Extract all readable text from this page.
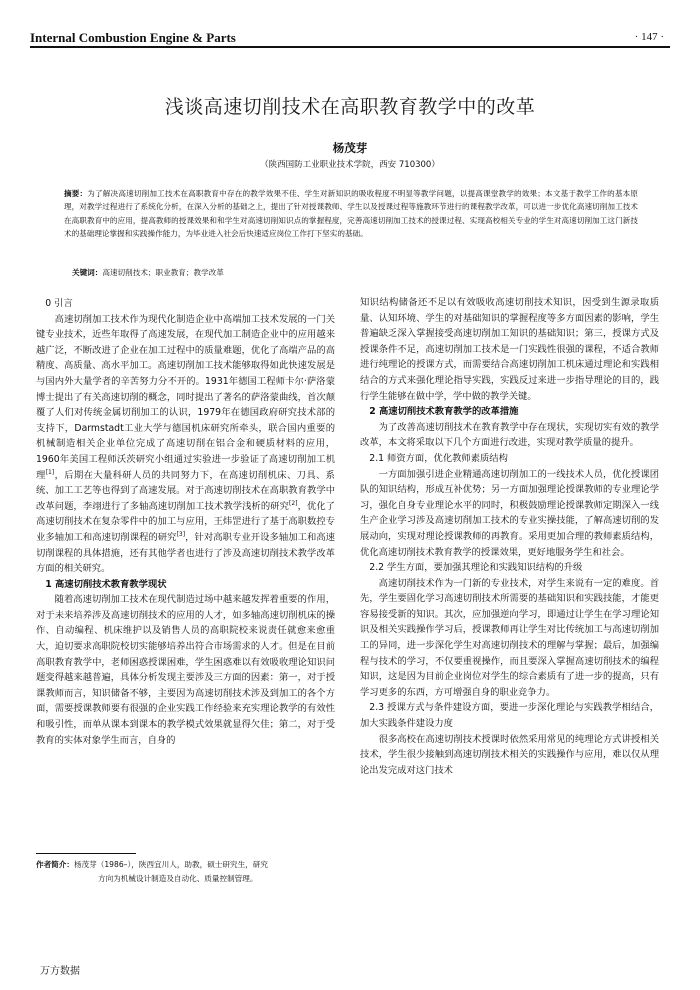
Internal Combustion Engine & Parts	· 147 ·
浅谈高速切削技术在高职教育教学中的改革
杨茂芽
（陕西国防工业职业技术学院，西安 710300）
摘要：为了解决高速切削加工技术在高职教育中存在的教学效果不佳、学生对新知识的吸收程度不明显等教学问题，以提高课堂教学的效果；本文基于教学工作的基本原理，对教学过程进行了系统化分析，在深入分析的基础之上，提出了针对授课教师、学生以及授课过程等施教环节进行的课程教学改革，可以进一步优化高速切削加工技术在高职教育中的应用，提高教师的授课效果和和学生对高速切削知识点的掌握程度，完善高速切削加工技术的授课过程、实现高校相关专业的学生对高速切削加工这门新技术的基础理论掌握和实践操作能力，为毕业进入社会后快速适应岗位工作打下坚实的基础。
关键词：高速切削技术；职业教育；教学改革

0 引言

高速切削加工技术作为现代化制造企业中高端加工技术发展的一门关键专业技术，近些年取得了高速发展，在现代加工制造企业中的应用越来越广泛，不断改进了企业在加工过程中的质量难题，优化了高端产品的高精度、高质量、高水平加工。高速切削加工技术能够取得如此快速发展是与国内外大量学者的辛苦努力分不开的。1931年德国工程师卡尔·萨洛蒙博士提出了有关高速切削的概念，同时提出了著名的萨洛蒙曲线，首次颠覆了人们对传统金属切削加工的认识，1979年在德国政府研究技术部的支持下，Darmstadt工业大学与德国机床研究所牵头，联合国内重要的机械制造相关企业单位完成了高速切削在铝合金和硬质材料的应用，1960年美国工程师沃茨研究小组通过实验进一步验证了高速切削加工机理[1]，后期在大量科研人员的共同努力下，在高速切削机床、刀具、系统、加工工艺等也得到了高速发展。对于高速切削技术在高职教育教学中改革问题，李翊进行了多轴高速切削加工技术教学浅析的研究[2]，优化了高速切削技术在复杂零件中的加工与应用，王炜罡进行了基于高职数控专业多轴加工和高速切削课程的研究[3]，针对高职专业开设多轴加工和高速切削课程的具体措施，还有其他学者也进行了涉及高速切削技术教学改革方面的相关研究。

1 高速切削技术教育教学现状

随着高速切削加工技术在现代制造过场中越来越发挥着重要的作用，对于未来培养涉及高速切削技术的应用的人才，如多轴高速切削机床的操作、自动编程、机床维护以及销售人员的高职院校来说责任就愈来愈重大，迫切要求高职院校切实能够培养出符合市场需求的人才。但是在目前高职教育教学中，老师困惑授课困难，学生困惑难以有效吸收理论知识问题变得越来越普遍，具体分析发现主要涉及三方面的因素：第一，对于授课教师而言，知识储备不够，主要因为高速切削技术涉及到加工的各个方面，需要授课教师要有很强的企业实践工作经验来充实理论教学的有效性和吸引性，而单从课本到课本的教学模式效果就显得欠佳；第二，对于受教育的实体对象学生而言，自身的

知识结构储备还不足以有效吸收高速切削技术知识，因受到生源录取质量、认知环境、学生的对基础知识的掌握程度等多方面因素的影响，学生普遍缺乏深入掌握接受高速切削加工知识的基础知识；第三，授课方式及授课条件不足，高速切削加工技术是一门实践性很强的课程，不适合教师进行纯理论的授课方式，而需要结合高速切削加工机床通过理论和实践相结合的方式来强化理论指导实践，实践反过来进一步指导理论的目的，践行学生能够在做中学，学中做的教学关键。

2 高速切削技术教育教学的改革措施

为了改善高速切削技术在教育教学中存在现状，实现切实有效的教学改革，本文将采取以下几个方面进行改进，实现对教学质量的提升。

2.1 师资方面，优化教师素质结构

一方面加强引进企业精通高速切削加工的一线技术人员，优化授课团队的知识结构，形成互补优势；另一方面加强理论授课教师的专业理论学习，强化自身专业理论水平的同时，积极鼓励理论授课教师定期深入一线生产企业学习涉及高速切削加工技术的专业实操技能，了解高速切削的发展动向，实现对理论授课教师的再教育。采用更加合理的教师素质结构，优化高速切削技术教育教学的授课效果，更好地服务学生和社会。

2.2 学生方面，要加强其理论和实践知识结构的升级

高速切削技术作为一门新的专业技术，对学生来说有一定的难度。首先，学生要固化学习高速切削技术所需要的基础知识和实践技能，才能更容易接受新的知识。其次，应加强逆向学习，即通过让学生在学习理论知识及相关实践操作学习后，授课教师再让学生对比传统加工与高速切削加工的异同，进一步深化学生对高速切削技术的理解与掌握；最后，加强编程与技术的学习，不仅要重视操作，而且要深入掌握高速切削技术的编程知识，这是因为目前企业岗位对学生的综合素质有了进一步的提高，只有学习更多的东西，方可增强自身的职业竞争力。

2.3 授课方式与条件建设方面，要进一步深化理论与实践教学相结合，加大实践条件建设力度

很多高校在高速切削技术授课时依然采用常见的纯理论方式讲授相关技术，学生很少接触到高速切削技术相关的实践操作与应用，难以仅从理论出发完成对这门技术

作者简介：杨茂芽（1986–），陕西宜川人，助教，硕士研究生，研究
方向为机械设计制造及自动化、质量控制管理。
万方数据
